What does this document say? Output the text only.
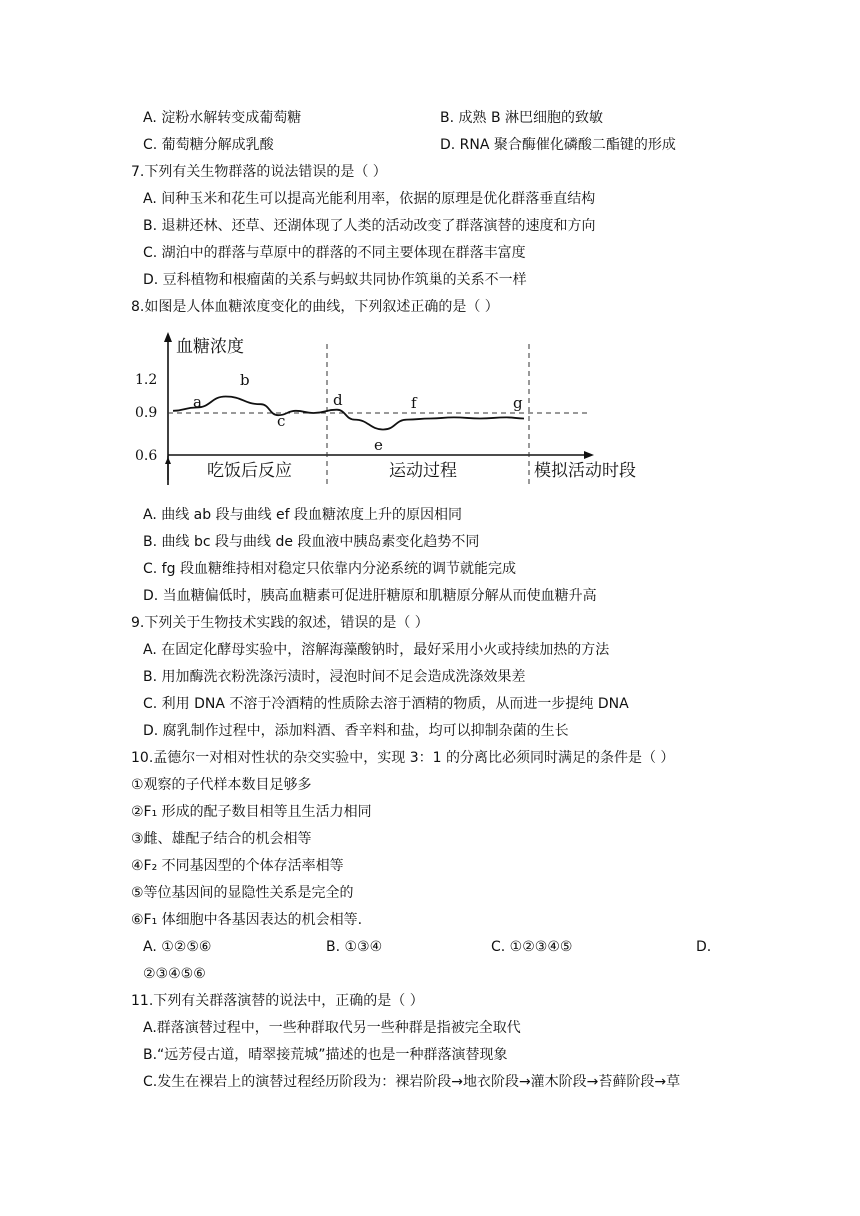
A. 淀粉水解转变成葡萄糖	B. 成熟 B 淋巴细胞的致敏
C. 葡萄糖分解成乳酸	D. RNA 聚合酶催化磷酸二酯键的形成
7.下列有关生物群落的说法错误的是（ ）
A. 间种玉米和花生可以提高光能利用率，依据的原理是优化群落垂直结构
B. 退耕还林、还草、还湖体现了人类的活动改变了群落演替的速度和方向
C. 湖泊中的群落与草原中的群落的不同主要体现在群落丰富度
D. 豆科植物和根瘤菌的关系与蚂蚁共同协作筑巢的关系不一样
8.如图是人体血糖浓度变化的曲线，下列叙述正确的是（ ）
血糖浓度
1.2
0.9
0.6
a
b
c
d
e
f	g
吃饭后反应	运动过程	模拟活动时段
A. 曲线 ab 段与曲线 ef 段血糖浓度上升的原因相同
B. 曲线 bc 段与曲线 de 段血液中胰岛素变化趋势不同
C. fg 段血糖维持相对稳定只依靠内分泌系统的调节就能完成
D. 当血糖偏低时，胰高血糖素可促进肝糖原和肌糖原分解从而使血糖升高
9.下列关于生物技术实践的叙述，错误的是（ ）
A. 在固定化酵母实验中，溶解海藻酸钠时，最好采用小火或持续加热的方法
B. 用加酶洗衣粉洗涤污渍时，浸泡时间不足会造成洗涤效果差
C. 利用 DNA 不溶于冷酒精的性质除去溶于酒精的物质，从而进一步提纯 DNA
D. 腐乳制作过程中，添加料酒、香辛料和盐，均可以抑制杂菌的生长
10.孟德尔一对相对性状的杂交实验中，实现 3：1 的分离比必须同时满足的条件是（ ）
①观察的子代样本数目足够多
②F₁ 形成的配子数目相等且生活力相同
③雌、雄配子结合的机会相等
④F₂ 不同基因型的个体存活率相等
⑤等位基因间的显隐性关系是完全的
⑥F₁ 体细胞中各基因表达的机会相等.
A. ①②⑤⑥	B. ①③④	C. ①②③④⑤	D.
②③④⑤⑥
11.下列有关群落演替的说法中，正确的是（ ）
A.群落演替过程中，一些种群取代另一些种群是指被完全取代
B.“远芳侵古道，晴翠接荒城”描述的也是一种群落演替现象
C.发生在裸岩上的演替过程经历阶段为：裸岩阶段→地衣阶段→灌木阶段→苔藓阶段→草
